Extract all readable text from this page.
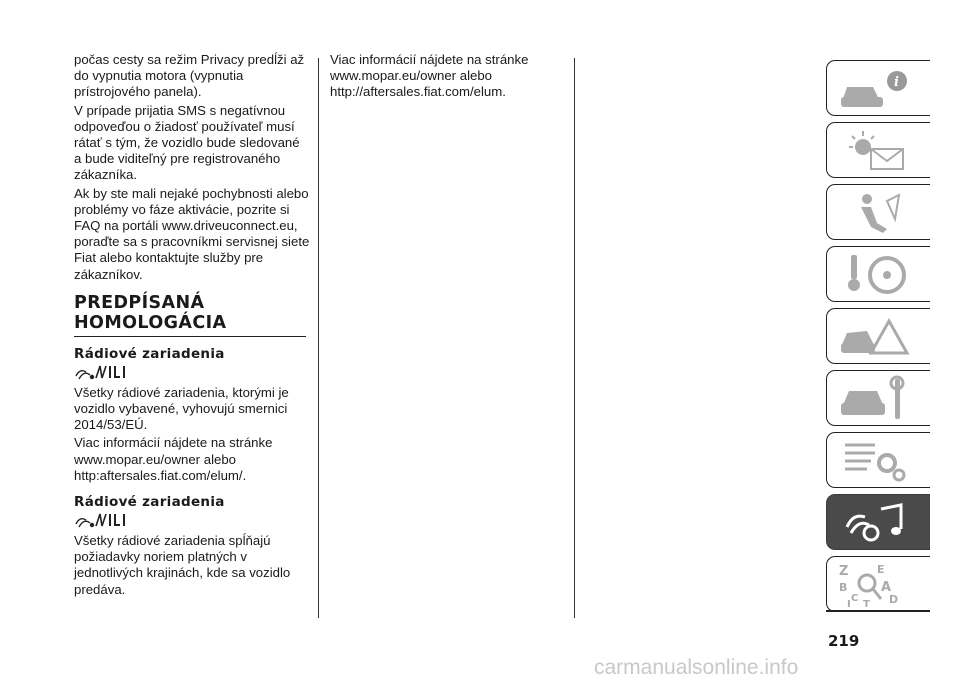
počas cesty sa režim Privacy predĺži až do vypnutia motora (vypnutia prístrojového panela).

V prípade prijatia SMS s negatívnou odpoveďou o žiadosť používateľ musí rátať s tým, že vozidlo bude sledované a bude viditeľný pre registrovaného zákazníka.

Ak by ste mali nejaké pochybnosti alebo problémy vo fáze aktivácie, pozrite si FAQ na portáli www.driveuconnect.eu, poraďte sa s pracovníkmi servisnej siete Fiat alebo kontaktujte služby pre zákazníkov.

PREDPÍSANÁ
HOMOLOGÁCIA
Rádiové zariadenia

Všetky rádiové zariadenia, ktorými je vozidlo vybavené, vyhovujú smernici 2014/53/EÚ.

Viac informácií nájdete na stránke www.mopar.eu/owner alebo http:aftersales.fiat.com/elum/.

Rádiové zariadenia

Všetky rádiové zariadenia spĺňajú požiadavky noriem platných v jednotlivých krajinách, kde sa vozidlo predáva.

Viac informácií nájdete na stránke www.mopar.eu/owner alebo http://aftersales.fiat.com/elum.

i
Z	E
B	A
C	D
I T
219
carmanualsonline.info
